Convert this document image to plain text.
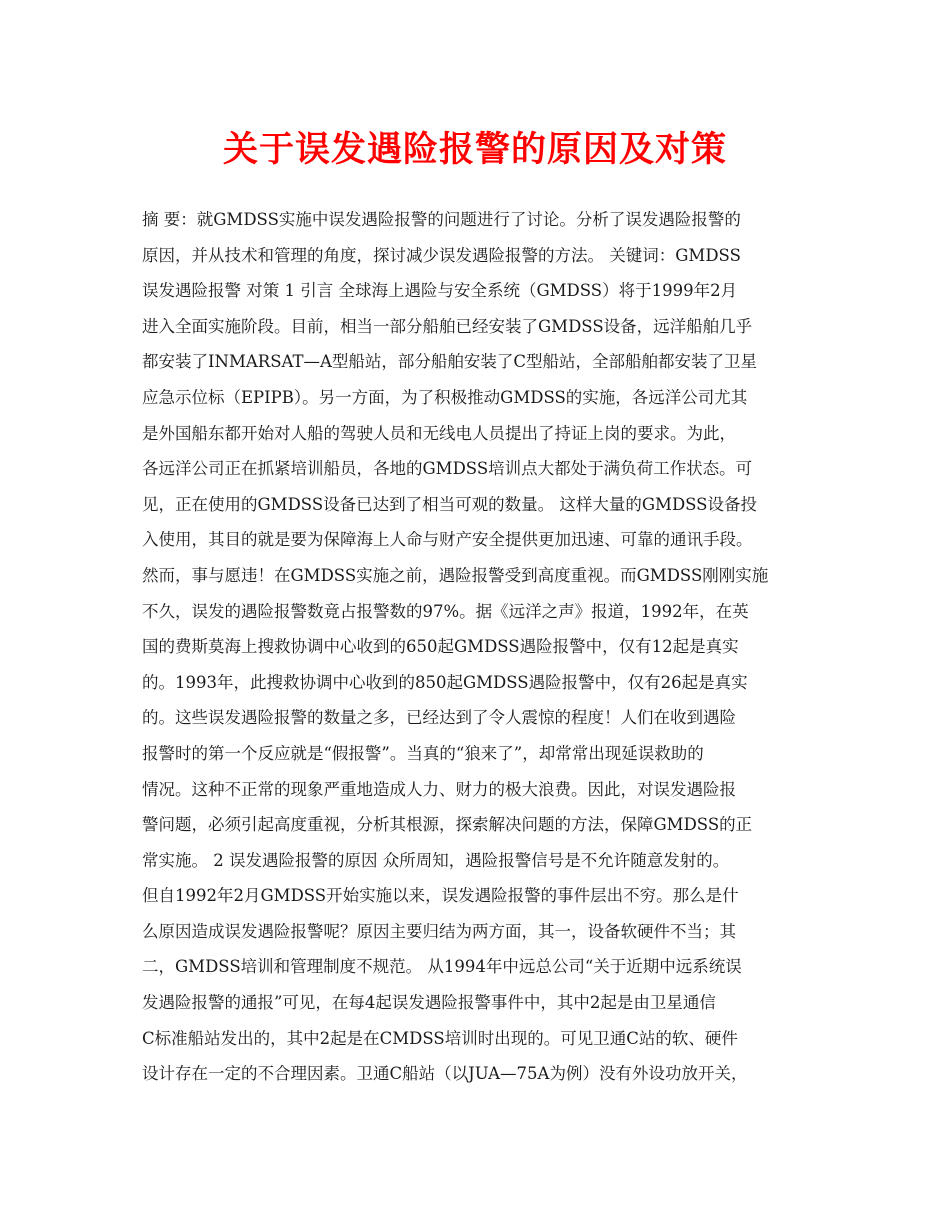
关于误发遇险报警的原因及对策
摘 要：就GMDSS实施中误发遇险报警的问题进行了讨论。分析了误发遇险报警的
原因，并从技术和管理的角度，探讨减少误发遇险报警的方法。 关键词：GMDSS
误发遇险报警 对策 1 引言 全球海上遇险与安全系统（GMDSS）将于1999年2月
进入全面实施阶段。目前，相当一部分船舶已经安装了GMDSS设备，远洋船舶几乎
都安装了INMARSAT—A型船站，部分船舶安装了C型船站，全部船舶都安装了卫星
应急示位标（EPIPB）。另一方面，为了积极推动GMDSS的实施，各远洋公司尤其
是外国船东都开始对人船的驾驶人员和无线电人员提出了持证上岗的要求。为此，
各远洋公司正在抓紧培训船员，各地的GMDSS培训点大都处于满负荷工作状态。可
见，正在使用的GMDSS设备已达到了相当可观的数量。 这样大量的GMDSS设备投
入使用，其目的就是要为保障海上人命与财产安全提供更加迅速、可靠的通讯手段。
然而，事与愿违！在GMDSS实施之前，遇险报警受到高度重视。而GMDSS刚刚实施
不久，误发的遇险报警数竟占报警数的97%。据《远洋之声》报道，1992年，在英
国的费斯莫海上搜救协调中心收到的650起GMDSS遇险报警中，仅有12起是真实
的。1993年，此搜救协调中心收到的850起GMDSS遇险报警中，仅有26起是真实
的。这些误发遇险报警的数量之多，已经达到了令人震惊的程度！人们在收到遇险
报警时的第一个反应就是“假报警”。当真的“狼来了”，却常常出现延误救助的
情况。这种不正常的现象严重地造成人力、财力的极大浪费。因此，对误发遇险报
警问题，必须引起高度重视，分析其根源，探索解决问题的方法，保障GMDSS的正
常实施。 2 误发遇险报警的原因 众所周知，遇险报警信号是不允许随意发射的。
但自1992年2月GMDSS开始实施以来，误发遇险报警的事件层出不穷。那么是什
么原因造成误发遇险报警呢？原因主要归结为两方面，其一，设备软硬件不当；其
二，GMDSS培训和管理制度不规范。 从1994年中远总公司“关于近期中远系统误
发遇险报警的通报”可见，在每4起误发遇险报警事件中，其中2起是由卫星通信
C标准船站发出的，其中2起是在CMDSS培训时出现的。可见卫通C站的软、硬件
设计存在一定的不合理因素。卫通C船站（以JUA—75A为例）没有外设功放开关，
